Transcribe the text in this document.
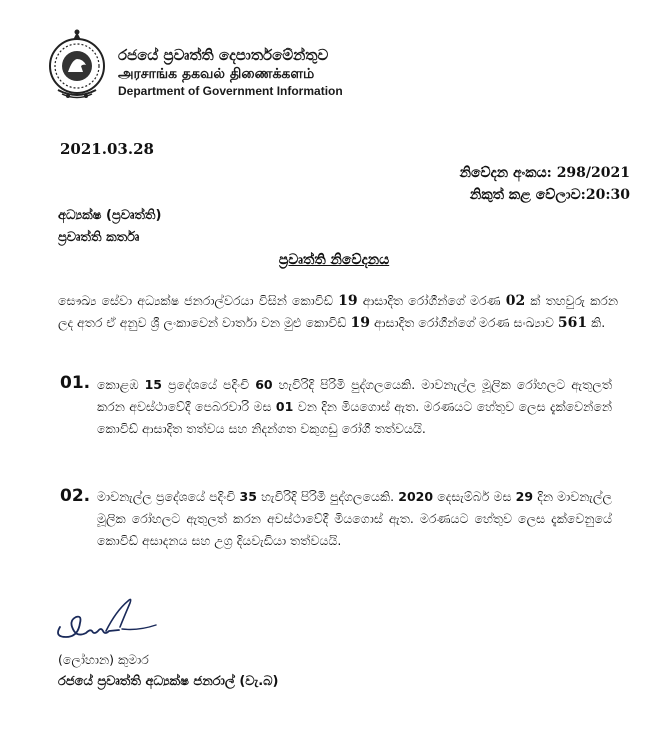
රජයේ ප්‍රවෘත්ති දෙපාර්තමේන්තුව
அரசாங்க தகவல் திணைக்களம்
Department of Government Information
2021.03.28
නිවේදන අංකය: 298/2021
නිකුත් කළ වේලාව:20:30
අධ්‍යක්ෂ (ප්‍රවෘත්ති)
ප්‍රවෘත්ති කර්තෘ
ප්‍රවෘත්ති නිවේදනය
සෞඛ්‍ය සේවා අධ්‍යක්ෂ ජනරාල්වරයා විසින් කොවිඩ් 19 ආසාදිත රෝගීන්ගේ මරණ 02 ක් තහවුරු කරන ලද අතර ඒ අනුව ශ්‍රී ලංකාවෙන් වාර්තා වන මුළු කොවිඩ් 19 ආසාදිත රෝගීන්ගේ මරණ සංඛ්‍යාව 561 කි.
01. කොළඹ 15 ප්‍රදේශයේ පදිංචි 60 හැවිරිදි පිරිමි පුද්ගලයෙකි. මාවනැල්ල මූලික රෝහලට ඇතුලත් කරන අවස්ථාවේදී පෙබරවාරි මස 01 වන දින මියගොස් ඇත. මරණයට හේතුව ලෙස දැක්වෙන්නේ කොවිඩ් ආසාදිත තත්වය සහ නිදන්ගත වකුගඩු රෝගී තත්වයයි.
02. මාවනැල්ල ප්‍රදේශයේ පදිංචි 35 හැවිරිදි පිරිමි පුද්ගලයෙකි. 2020 දෙසැම්බර් මස 29 දින මාවනැල්ල මූලික රෝහලට ඇතුලත් කරන අවස්ථාවේදී මියගොස් ඇත. මරණයට හේතුව ලෙස දැක්වෙනුයේ කොවිඩ් අසාදනය සහ උග්‍ර දියවැඩියා තත්වයයි.
(ලෝහාන) කුමාර
රජයේ ප්‍රවෘත්ති අධ්‍යක්ෂ ජනරාල් (වැ.බ)
